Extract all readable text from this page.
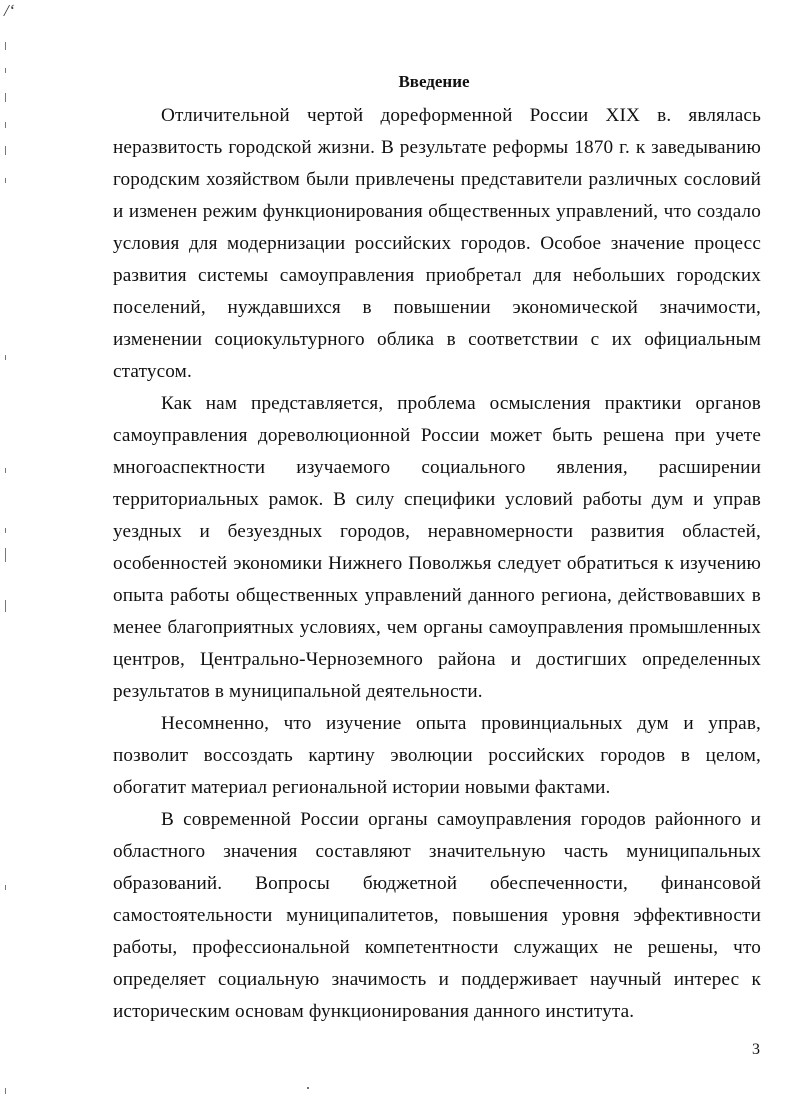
/‘
Введение

Отличительной чертой дореформенной России XIX в. являлась неразвитость городской жизни. В результате реформы 1870 г. к заведыванию городским хозяйством были привлечены представители различных сословий и изменен режим функционирования общественных управлений, что создало условия для модернизации российских городов. Особое значение процесс развития системы самоуправления приобретал для небольших городских поселений, нуждавшихся в повышении экономической значимости, изменении социокультурного облика в соответствии с их официальным статусом.

Как нам представляется, проблема осмысления практики органов самоуправления дореволюционной России может быть решена при учете многоаспектности изучаемого социального явления, расширении территориальных рамок. В силу специфики условий работы дум и управ уездных и безуездных городов, неравномерности развития областей, особенностей экономики Нижнего Поволжья следует обратиться к изучению опыта работы общественных управлений данного региона, действовавших в менее благоприятных условиях, чем органы самоуправления промышленных центров, Центрально-Черноземного района и достигших определенных результатов в муниципальной деятельности.

Несомненно, что изучение опыта провинциальных дум и управ, позволит воссоздать картину эволюции российских городов в целом, обогатит материал региональной истории новыми фактами.

В современной России органы самоуправления городов районного и областного значения составляют значительную часть муниципальных образований. Вопросы бюджетной обеспеченности, финансовой самостоятельности муниципалитетов, повышения уровня эффективности работы, профессиональной компетентности служащих не решены, что определяет социальную значимость и поддерживает научный интерес к историческим основам функционирования данного института.

3
